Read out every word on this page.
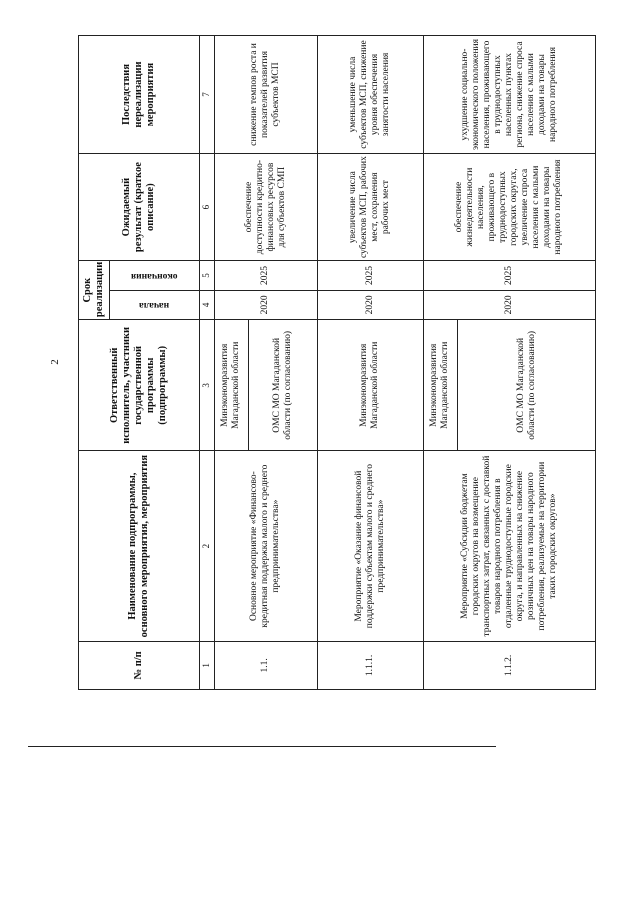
2
№ п/п	Наименование подпрограммы, основного мероприятия, мероприятия	Ответственный исполнитель, участники государственной программы (подпрограммы)	Срок реализации		Ожидаемый результат (краткое описание)	Последствия нереализации мероприятия

			начала	окончания		

1	2	3	4	5	6	7
1.1.	Основное мероприятие «Финансово-кредитная поддержка малого и среднего предпринимательства»	Минэкономразвития Магаданской области	2020	2025	обеспечение доступности кредитно-финансовых ресурсов для субъектов СМП	снижение темпов роста и показателей развития субъектов МСП
		ОМС МО Магаданской области (по согласованию)				
1.1.1.	Мероприятие «Оказание финансовой поддержки субъектам малого и среднего предпринимательства»	Минэкономразвития Магаданской области	2020	2025	увеличение числа субъектов МСП, рабочих мест, сохранения рабочих мест	уменьшение числа субъектов МСП, снижение уровня обеспечения занятости населения
1.1.2.	Мероприятие «Субсидии бюджетам городских округов на возмещение транспортных затрат, связанных с доставкой товаров народного потребления в отдаленные труднодоступные городские округа, и направленных на снижение розничных цен на товары народного потребления, реализуемые на территории таких городских округов»	Минэкономразвития Магаданской области	2020	2025	обеспечение жизнедеятельности населения, проживающего в труднодоступных городских округах, увеличение спроса населения с малыми доходами на товары народного потребления	ухудшение социально-экономического положения населения, проживающего в труднодоступных населенных пунктах региона, снижение спроса населения с малыми доходами на товары народного потребления
		ОМС МО Магаданской области (по согласованию)				
